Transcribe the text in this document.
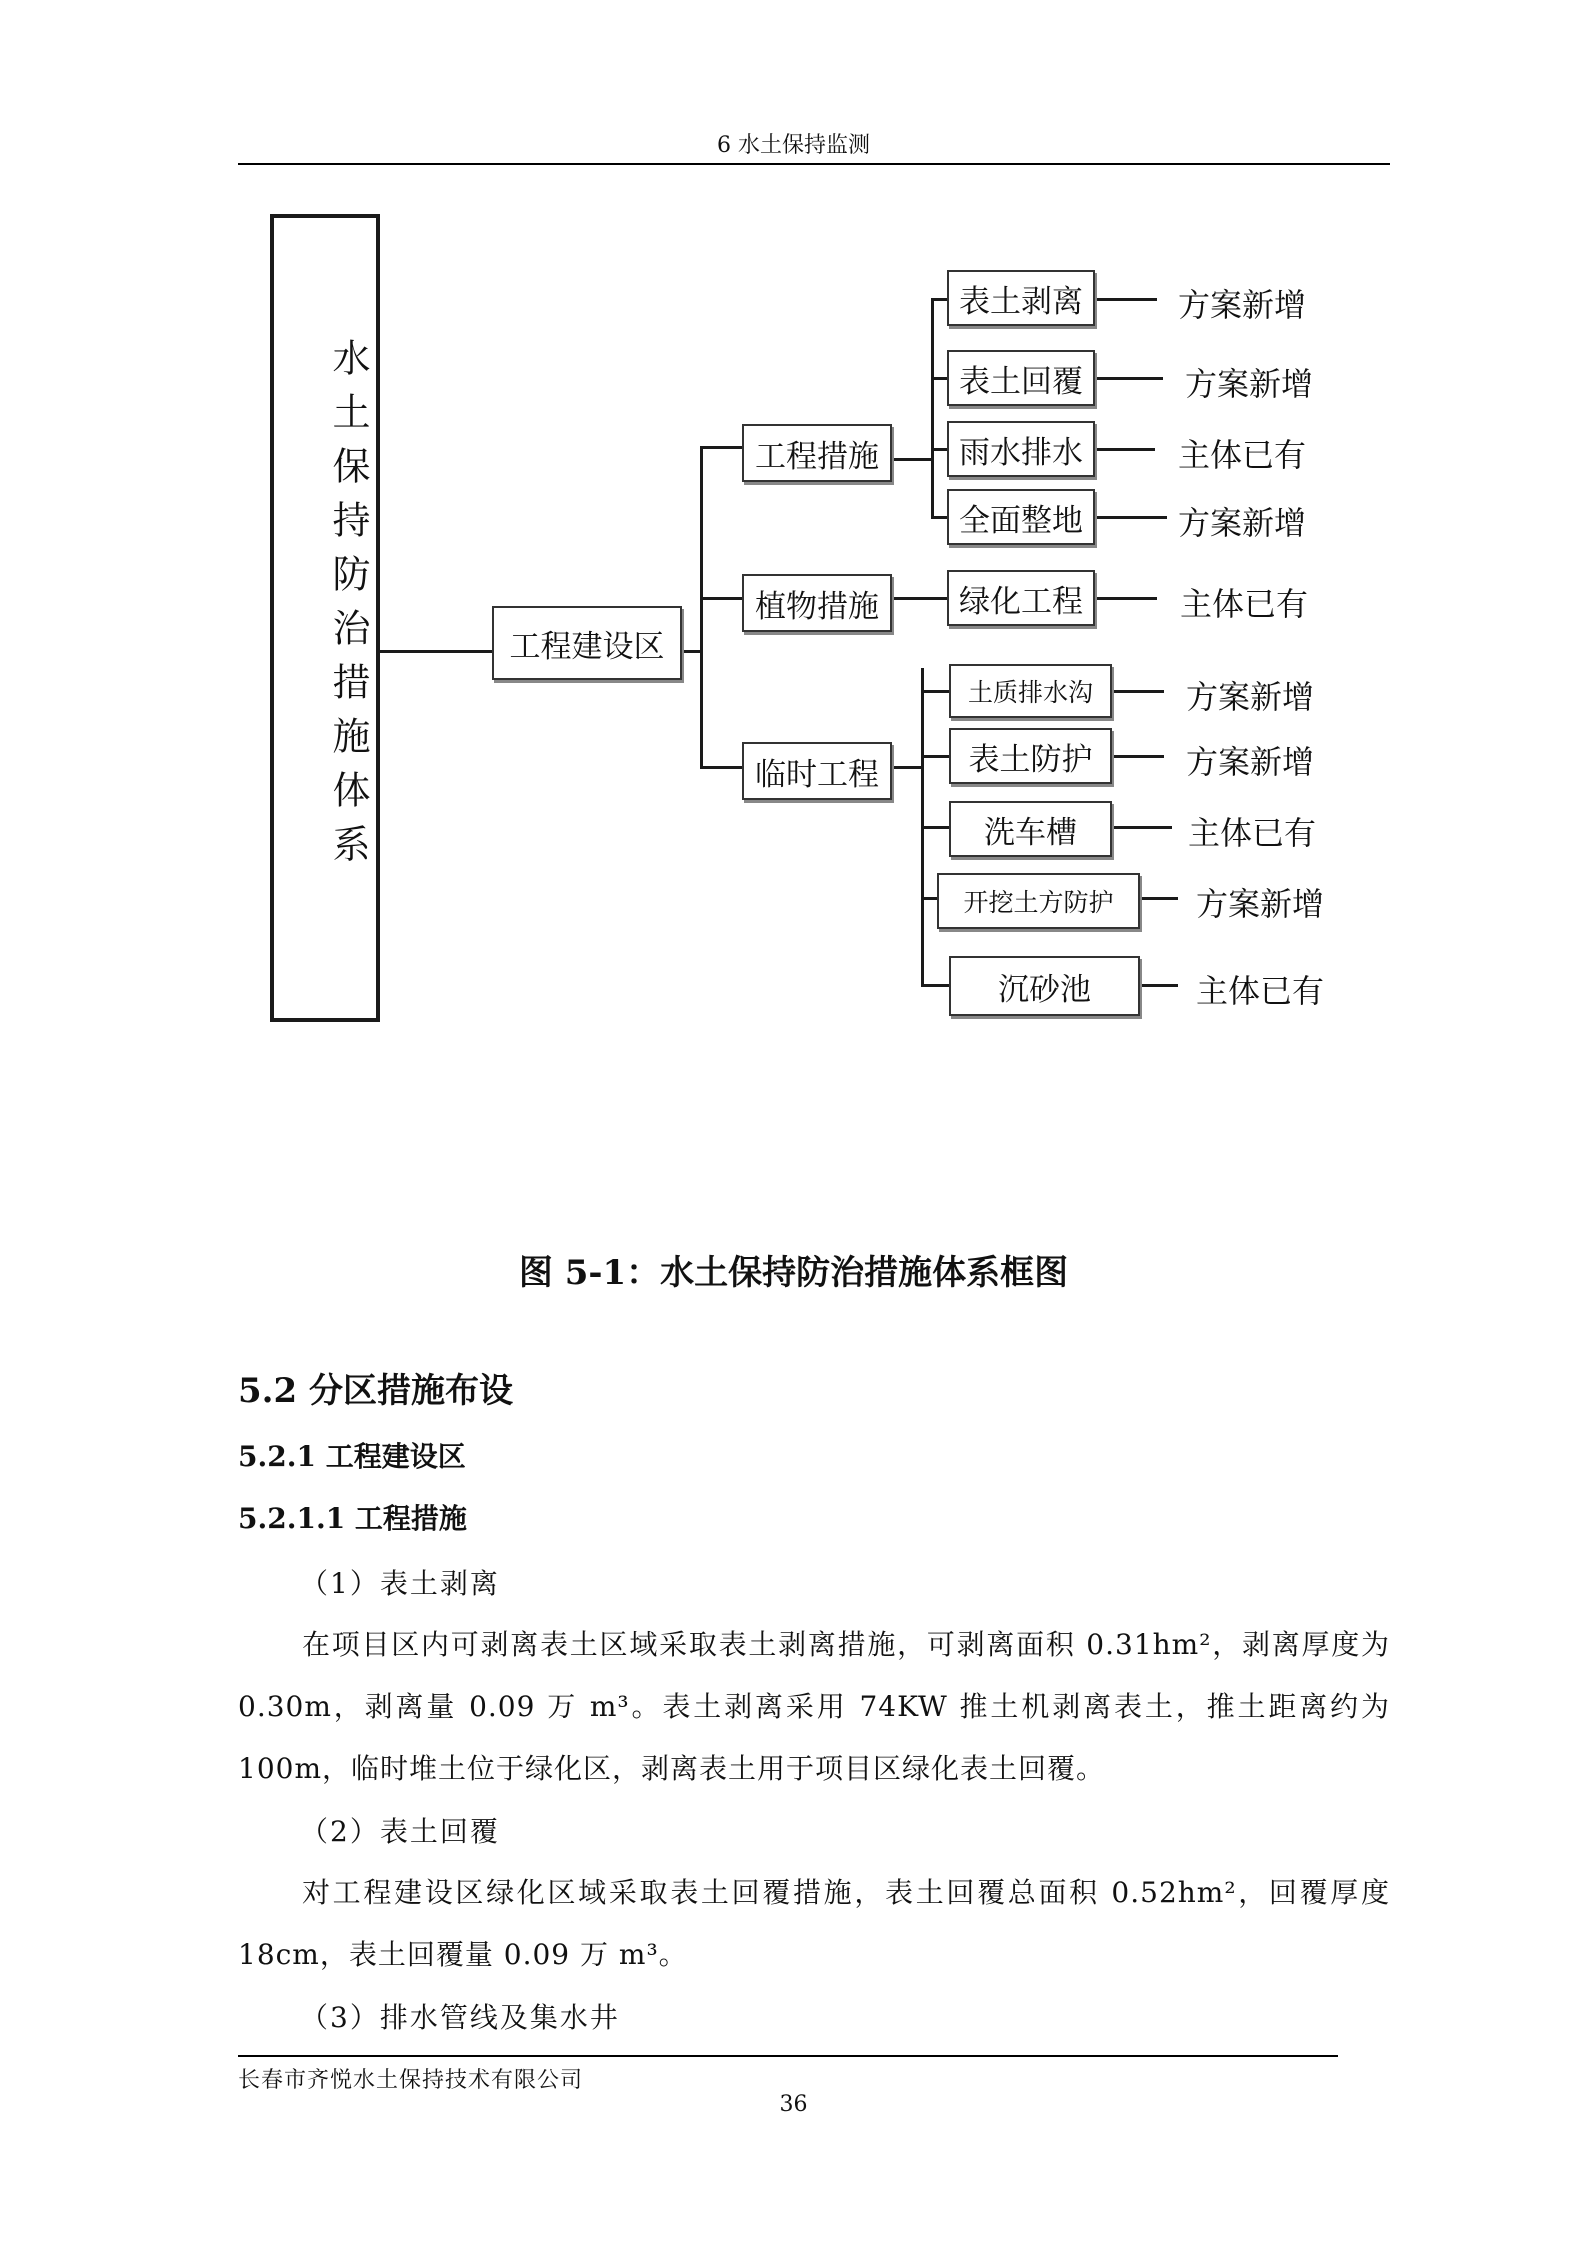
6 水土保持监测
水土保持防治措施体系	工程建设区
工程措施
植物措施
临时工程
表土剥离
表土回覆
雨水排水
全面整地
绿化工程
土质排水沟
表土防护
洗车槽
开挖土方防护
沉砂池
方案新增
方案新增
主体已有
方案新增
主体已有
方案新增
方案新增
主体已有
方案新增
主体已有
图 5-1：水土保持防治措施体系框图
5.2 分区措施布设
5.2.1 工程建设区
5.2.1.1 工程措施
（1）表土剥离
在项目区内可剥离表土区域采取表土剥离措施，可剥离面积 0.31hm²，剥离厚度为 0.30m，剥离量 0.09 万 m³。表土剥离采用 74KW 推土机剥离表土，推土距离约为 100m，临时堆土位于绿化区，剥离表土用于项目区绿化表土回覆。
（2）表土回覆
对工程建设区绿化区域采取表土回覆措施，表土回覆总面积 0.52hm²，回覆厚度 18cm，表土回覆量 0.09 万 m³。
（3）排水管线及集水井
长春市齐悦水土保持技术有限公司
36
